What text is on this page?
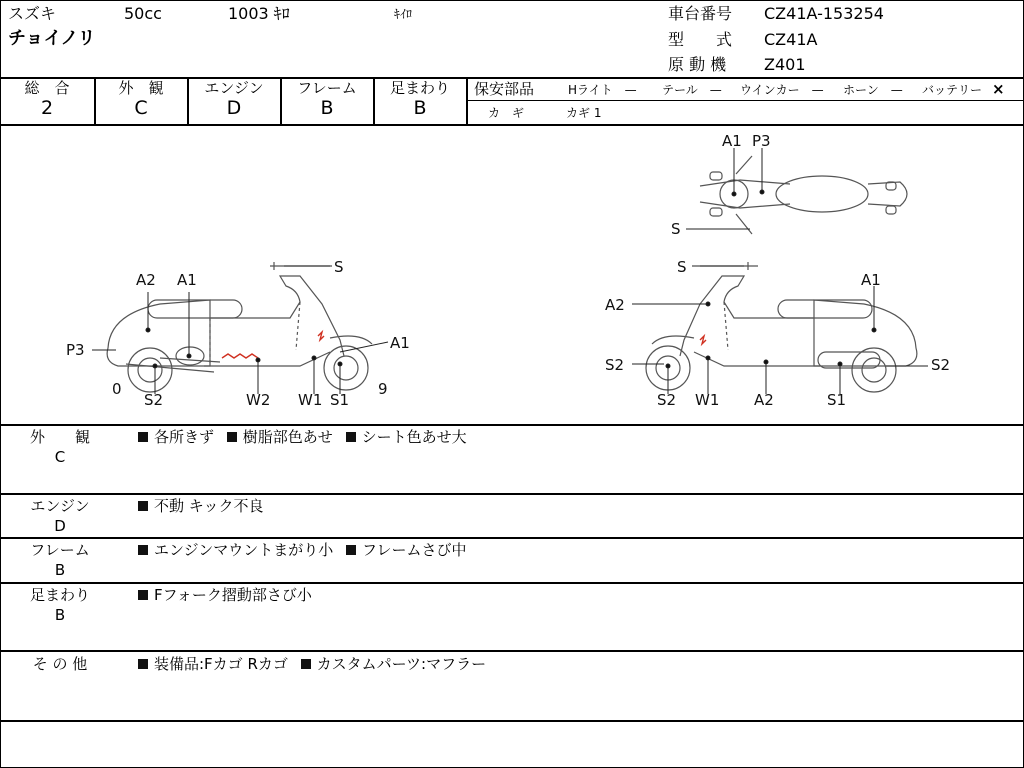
スズキ	50cc	1003 ｷﾛ	ｷｲﾛ
チョイノリ
車台番号 CZ41A-153254
型　　式 CZ41A
原 動 機 Z401
総　合
2
外　観
C
エンジン
D
フレーム
B
足まわり
B
保安部品	Hライト　— テール　— ウインカー　— ホーン　— バッテリー ×
カ　ギ	カギ 1
A2 A1
S
P3	A1
0
S2	W2 W1 S1
9
A1 P3
S
S
A1
A2
S2	S2
S2 W1 A2	S1
外　　観
C
各所きず 樹脂部色あせ シート色あせ大
エンジン
D
不動 キック不良
フレーム
B
エンジンマウントまがり小 フレームさび中
足まわり
B
Fフォーク摺動部さび小
そ の 他	装備品:Fカゴ Rカゴ カスタムパーツ:マフラー
